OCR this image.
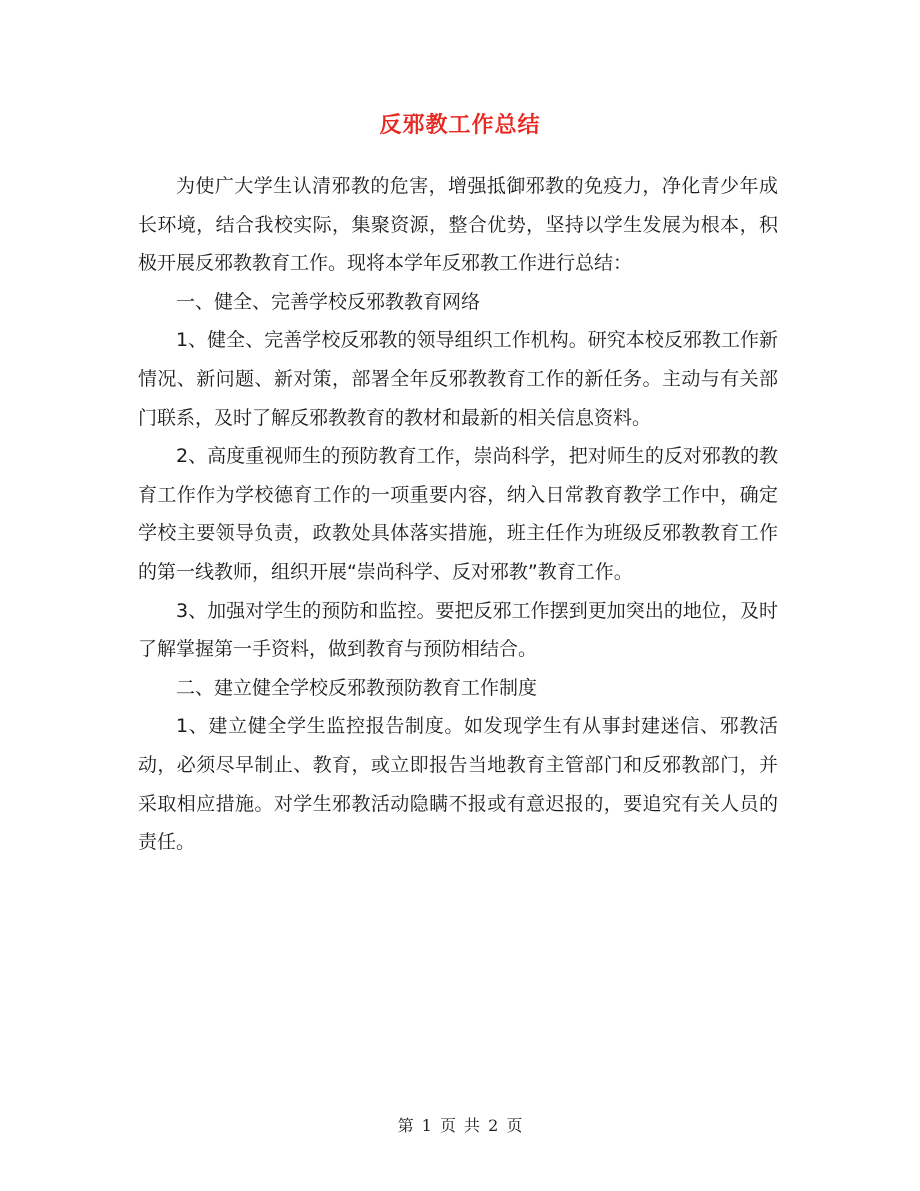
反邪教工作总结

为使广大学生认清邪教的危害，增强抵御邪教的免疫力，净化青少年成长环境，结合我校实际，集聚资源，整合优势，坚持以学生发展为根本，积极开展反邪教教育工作。现将本学年反邪教工作进行总结：

一、健全、完善学校反邪教教育网络

1、健全、完善学校反邪教的领导组织工作机构。研究本校反邪教工作新情况、新问题、新对策，部署全年反邪教教育工作的新任务。主动与有关部门联系，及时了解反邪教教育的教材和最新的相关信息资料。

2、高度重视师生的预防教育工作，崇尚科学，把对师生的反对邪教的教育工作作为学校德育工作的一项重要内容，纳入日常教育教学工作中，确定学校主要领导负责，政教处具体落实措施，班主任作为班级反邪教教育工作的第一线教师，组织开展“崇尚科学、反对邪教”教育工作。

3、加强对学生的预防和监控。要把反邪工作摆到更加突出的地位，及时了解掌握第一手资料，做到教育与预防相结合。

二、建立健全学校反邪教预防教育工作制度

1、建立健全学生监控报告制度。如发现学生有从事封建迷信、邪教活动，必须尽早制止、教育，或立即报告当地教育主管部门和反邪教部门，并采取相应措施。对学生邪教活动隐瞒不报或有意迟报的，要追究有关人员的责任。

第 1 页 共 2 页
